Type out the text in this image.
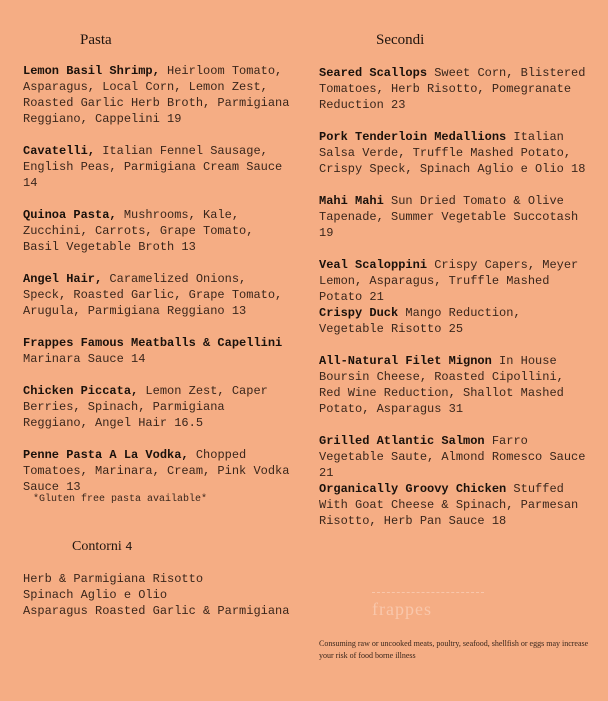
Pasta	Secondi
Lemon Basil Shrimp, Heirloom Tomato, Asparagus, Local Corn, Lemon Zest, Roasted Garlic Herb Broth, Parmigiana Reggiano, Cappelini 19
Cavatelli, Italian Fennel Sausage, English Peas, Parmigiana Cream Sauce 14
Quinoa Pasta, Mushrooms, Kale, Zucchini, Carrots, Grape Tomato, Basil Vegetable Broth 13
Angel Hair, Caramelized Onions, Speck, Roasted Garlic, Grape Tomato, Arugula, Parmigiana Reggiano 13
Frappes Famous Meatballs & Capellini
Marinara Sauce 14
Chicken Piccata, Lemon Zest, Caper Berries, Spinach, Parmigiana Reggiano, Angel Hair 16.5
Penne Pasta A La Vodka, Chopped Tomatoes, Marinara, Cream, Pink Vodka Sauce 13
*Gluten free pasta available*
Contorni 4
Herb & Parmigiana Risotto
Spinach Aglio e Olio
Asparagus Roasted Garlic & Parmigiana
Seared Scallops Sweet Corn, Blistered Tomatoes, Herb Risotto, Pomegranate Reduction 23
Pork Tenderloin Medallions Italian Salsa Verde, Truffle Mashed Potato, Crispy Speck, Spinach Aglio e Olio 18
Mahi Mahi Sun Dried Tomato & Olive Tapenade, Summer Vegetable Succotash 19
Veal Scaloppini Crispy Capers, Meyer Lemon, Asparagus, Truffle Mashed Potato 21
Crispy Duck Mango Reduction, Vegetable Risotto 25
All-Natural Filet Mignon In House Boursin Cheese, Roasted Cipollini, Red Wine Reduction, Shallot Mashed Potato, Asparagus 31
Grilled Atlantic Salmon Farro Vegetable Saute, Almond Romesco Sauce 21
Organically Groovy Chicken Stuffed With Goat Cheese & Spinach, Parmesan Risotto, Herb Pan Sauce 18
frappes
Consuming raw or uncooked meats, poultry, seafood, shellfish or eggs may increase your risk of food borne illness
